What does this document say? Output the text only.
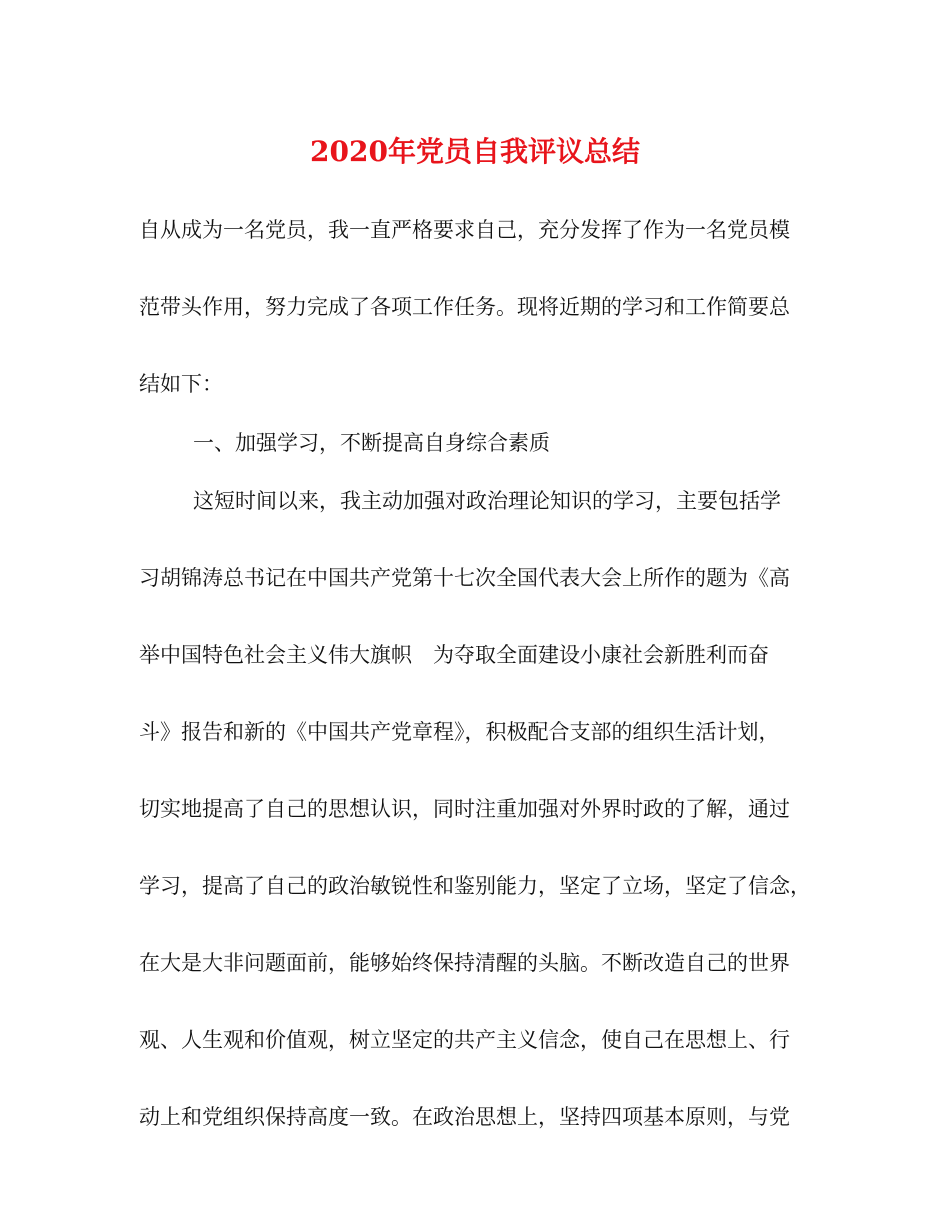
2020年党员自我评议总结

自从成为一名党员，我一直严格要求自己，充分发挥了作为一名党员模

范带头作用，努力完成了各项工作任务。现将近期的学习和工作简要总

结如下：

一、加强学习，不断提高自身综合素质

这短时间以来，我主动加强对政治理论知识的学习，主要包括学

习胡锦涛总书记在中国共产党第十七次全国代表大会上所作的题为《高

举中国特色社会主义伟大旗帜　为夺取全面建设小康社会新胜利而奋

斗》报告和新的《中国共产党章程》，积极配合支部的组织生活计划，

切实地提高了自己的思想认识，同时注重加强对外界时政的了解，通过

学习，提高了自己的政治敏锐性和鉴别能力，坚定了立场，坚定了信念，

在大是大非问题面前，能够始终保持清醒的头脑。不断改造自己的世界

观、人生观和价值观，树立坚定的共产主义信念，使自己在思想上、行

动上和党组织保持高度一致。在政治思想上，坚持四项基本原则，与党
